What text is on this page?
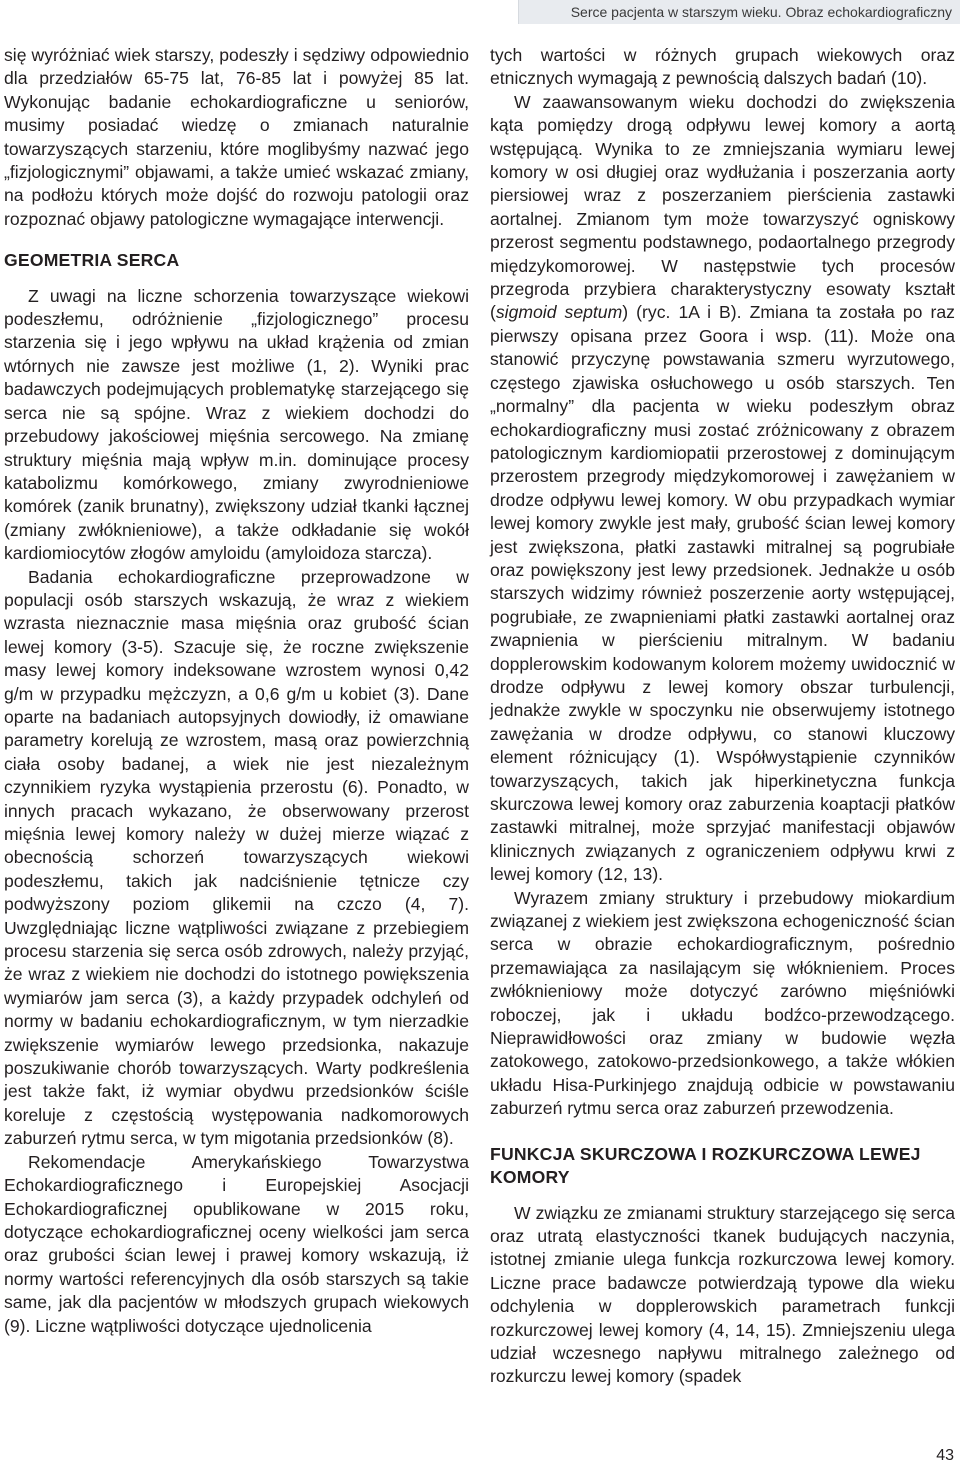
Serce pacjenta w starszym wieku. Obraz echokardiograficzny

się wyróżniać wiek starszy, podeszły i sędziwy odpowiednio dla przedziałów 65-75 lat, 76-85 lat i powyżej 85 lat. Wykonując badanie echokardiograficzne u seniorów, musimy posiadać wiedzę o zmianach naturalnie towarzyszących starzeniu, które moglibyśmy nazwać jego „fizjologicznymi” objawami, a także umieć wskazać zmiany, na podłożu których może dojść do rozwoju patologii oraz rozpoznać objawy patologiczne wymagające interwencji.

GEOMETRIA SERCA

Z uwagi na liczne schorzenia towarzyszące wiekowi podeszłemu, odróżnienie „fizjologicznego” procesu starzenia się i jego wpływu na układ krążenia od zmian wtórnych nie zawsze jest możliwe (1, 2). Wyniki prac badawczych podejmujących problematykę starzejącego się serca nie są spójne. Wraz z wiekiem dochodzi do przebudowy jakościowej mięśnia sercowego. Na zmianę struktury mięśnia mają wpływ m.in. dominujące procesy katabolizmu komórkowego, zmiany zwyrodnieniowe komórek (zanik brunatny), zwiększony udział tkanki łącznej (zmiany zwłóknieniowe), a także odkładanie się wokół kardiomiocytów złogów amyloidu (amyloidoza starcza).

Badania echokardiograficzne przeprowadzone w populacji osób starszych wskazują, że wraz z wiekiem wzrasta nieznacznie masa mięśnia oraz grubość ścian lewej komory (3-5). Szacuje się, że roczne zwiększenie masy lewej komory indeksowane wzrostem wynosi 0,42 g/m w przypadku mężczyzn, a 0,6 g/m u kobiet (3). Dane oparte na badaniach autopsyjnych dowiodły, iż omawiane parametry korelują ze wzrostem, masą oraz powierzchnią ciała osoby badanej, a wiek nie jest niezależnym czynnikiem ryzyka wystąpienia przerostu (6). Ponadto, w innych pracach wykazano, że obserwowany przerost mięśnia lewej komory należy w dużej mierze wiązać z obecnością schorzeń towarzyszących wiekowi podeszłemu, takich jak nadciśnienie tętnicze czy podwyższony poziom glikemii na czczo (4, 7). Uwzględniając liczne wątpliwości związane z przebiegiem procesu starzenia się serca osób zdrowych, należy przyjąć, że wraz z wiekiem nie dochodzi do istotnego powiększenia wymiarów jam serca (3), a każdy przypadek odchyleń od normy w badaniu echokardiograficznym, w tym nierzadkie zwiększenie wymiarów lewego przedsionka, nakazuje poszukiwanie chorób towarzyszących. Warty podkreślenia jest także fakt, iż wymiar obydwu przedsionków ściśle koreluje z częstością występowania nadkomorowych zaburzeń rytmu serca, w tym migotania przedsionków (8).

Rekomendacje Amerykańskiego Towarzystwa Echokardiograficznego i Europejskiej Asocjacji Echokardiograficznej opublikowane w 2015 roku, dotyczące echokardiograficznej oceny wielkości jam serca oraz grubości ścian lewej i prawej komory wskazują, iż normy wartości referencyjnych dla osób starszych są takie same, jak dla pacjentów w młodszych grupach wiekowych (9). Liczne wątpliwości dotyczące ujednolicenia

tych wartości w różnych grupach wiekowych oraz etnicznych wymagają z pewnością dalszych badań (10).

W zaawansowanym wieku dochodzi do zwiększenia kąta pomiędzy drogą odpływu lewej komory a aortą wstępującą. Wynika to ze zmniejszania wymiaru lewej komory w osi długiej oraz wydłużania i poszerzania aorty piersiowej wraz z poszerzaniem pierścienia zastawki aortalnej. Zmianom tym może towarzyszyć ogniskowy przerost segmentu podstawnego, podaortalnego przegrody międzykomorowej. W następstwie tych procesów przegroda przybiera charakterystyczny esowaty kształt (sigmoid septum) (ryc. 1A i B). Zmiana ta została po raz pierwszy opisana przez Goora i wsp. (11). Może ona stanowić przyczynę powstawania szmeru wyrzutowego, częstego zjawiska osłuchowego u osób starszych. Ten „normalny” dla pacjenta w wieku podeszłym obraz echokardiograficzny musi zostać zróżnicowany z obrazem patologicznym kardiomiopatii przerostowej z dominującym przerostem przegrody międzykomorowej i zawężaniem w drodze odpływu lewej komory. W obu przypadkach wymiar lewej komory zwykle jest mały, grubość ścian lewej komory jest zwiększona, płatki zastawki mitralnej są pogrubiałe oraz powiększony jest lewy przedsionek. Jednakże u osób starszych widzimy również poszerzenie aorty wstępującej, pogrubiałe, ze zwapnieniami płatki zastawki aortalnej oraz zwapnienia w pierścieniu mitralnym. W badaniu dopplerowskim kodowanym kolorem możemy uwidocznić w drodze odpływu z lewej komory obszar turbulencji, jednakże zwykle w spoczynku nie obserwujemy istotnego zawężania w drodze odpływu, co stanowi kluczowy element różnicujący (1). Współwystąpienie czynników towarzyszących, takich jak hiperkinetyczna funkcja skurczowa lewej komory oraz zaburzenia koaptacji płatków zastawki mitralnej, może sprzyjać manifestacji objawów klinicznych związanych z ograniczeniem odpływu krwi z lewej komory (12, 13).

Wyrazem zmiany struktury i przebudowy miokardium związanej z wiekiem jest zwiększona echogeniczność ścian serca w obrazie echokardiograficznym, pośrednio przemawiająca za nasilającym się włóknieniem. Proces zwłóknieniowy może dotyczyć zarówno mięśniówki roboczej, jak i układu bodźco-przewodzącego. Nieprawidłowości oraz zmiany w budowie węzła zatokowego, zatokowo-przedsionkowego, a także włókien układu Hisa-Purkinjego znajdują odbicie w powstawaniu zaburzeń rytmu serca oraz zaburzeń przewodzenia.

FUNKCJA SKURCZOWA I ROZKURCZOWA LEWEJ KOMORY

W związku ze zmianami struktury starzejącego się serca oraz utratą elastyczności tkanek budujących naczynia, istotnej zmianie ulega funkcja rozkurczowa lewej komory. Liczne prace badawcze potwierdzają typowe dla wieku odchylenia w dopplerowskich parametrach funkcji rozkurczowej lewej komory (4, 14, 15). Zmniejszeniu ulega udział wczesnego napływu mitralnego zależnego od rozkurczu lewej komory (spadek

43
